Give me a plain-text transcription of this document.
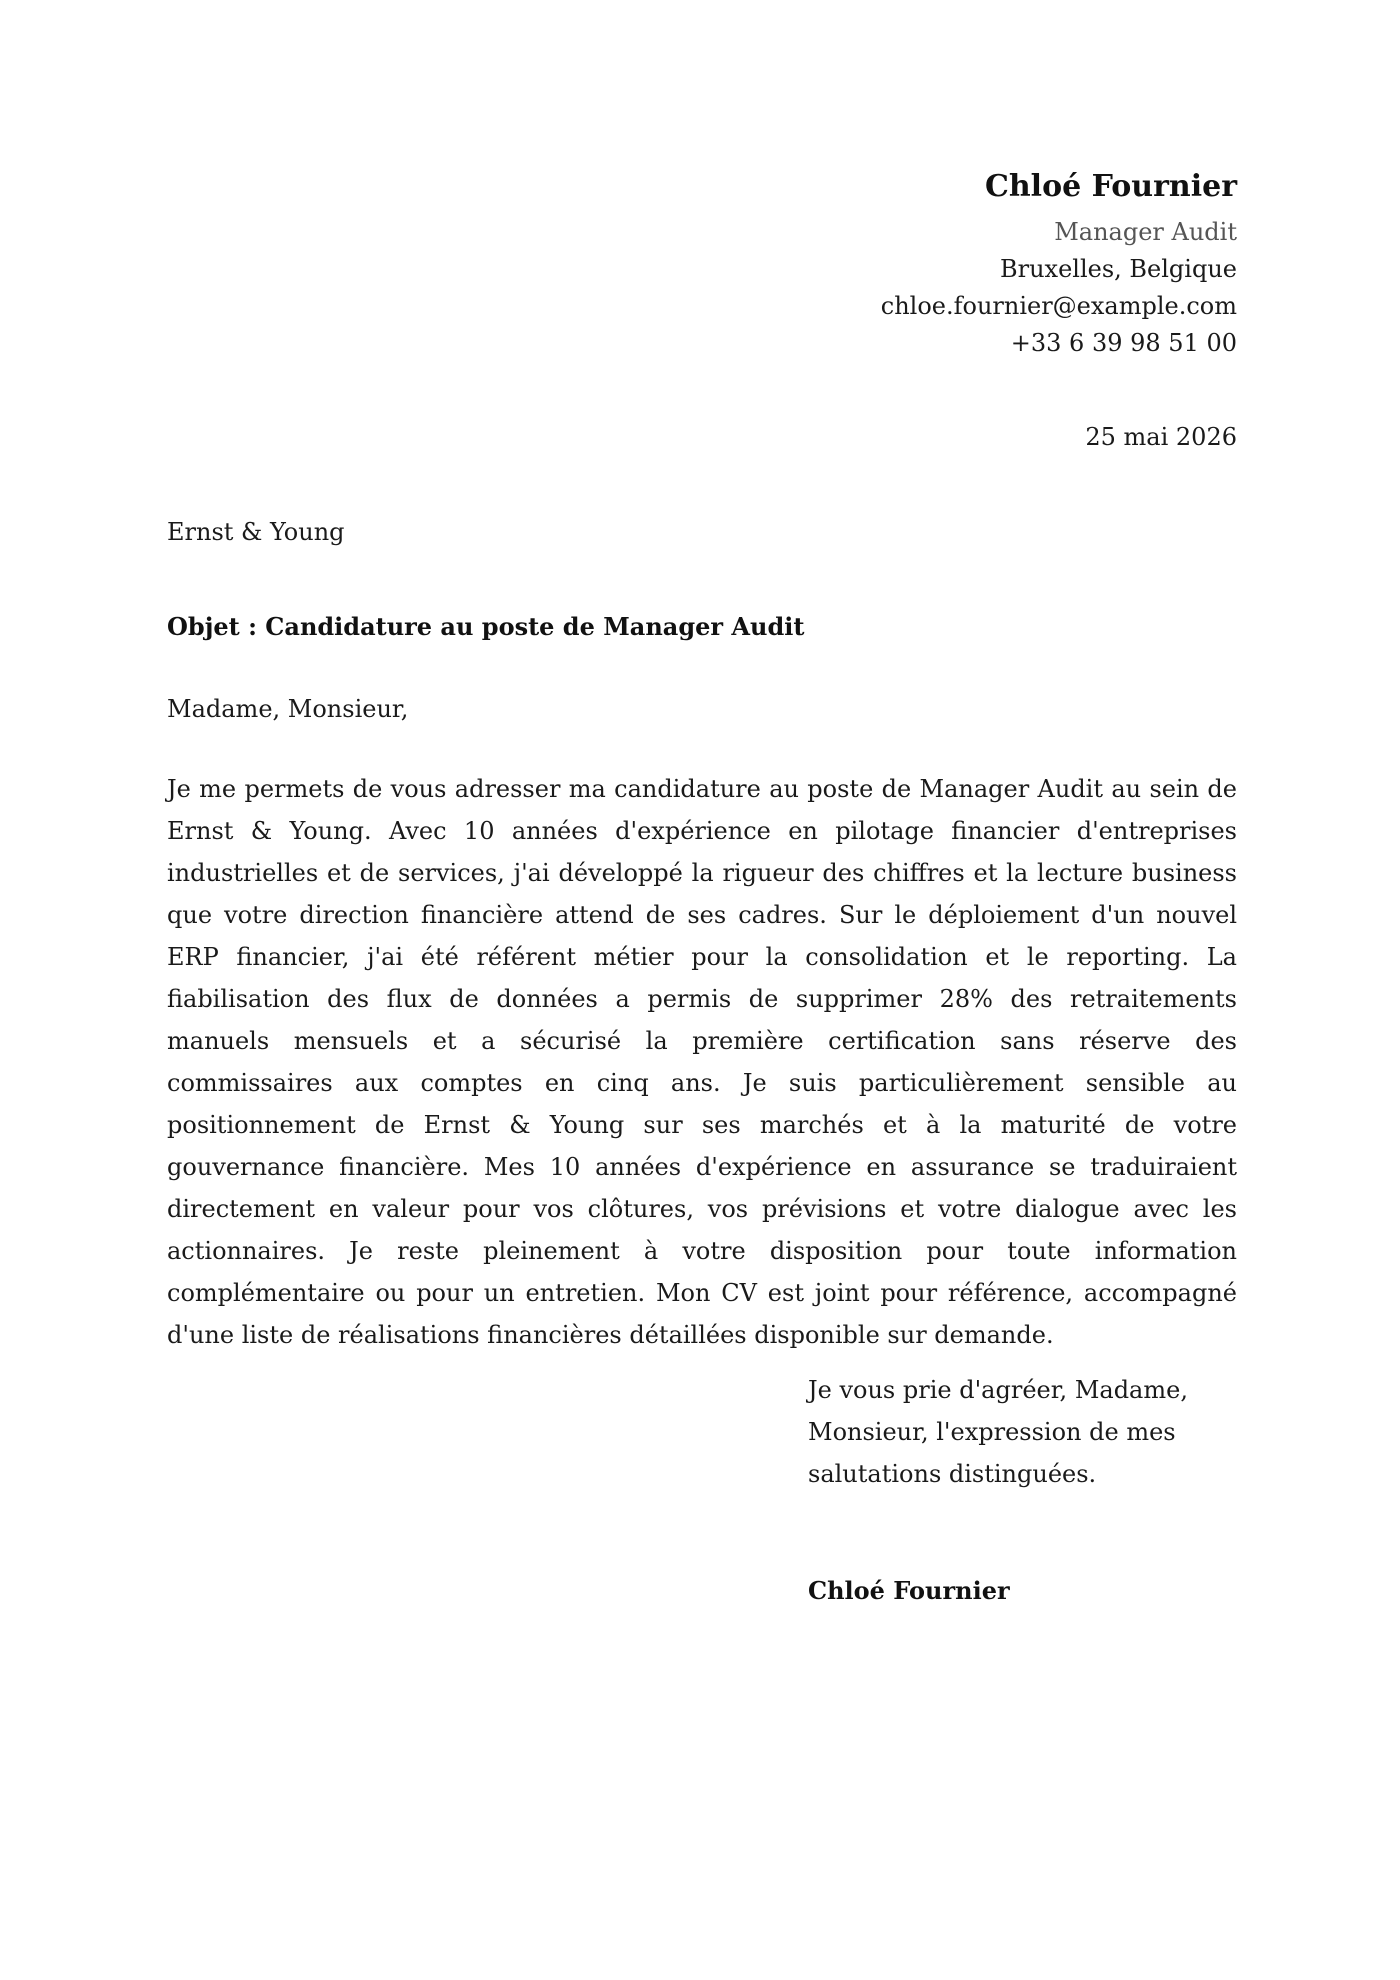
Chloé Fournier
Manager Audit
Bruxelles, Belgique
chloe.fournier@example.com
+33 6 39 98 51 00
25 mai 2026
Ernst & Young
Objet : Candidature au poste de Manager Audit
Madame, Monsieur,

Je me permets de vous adresser ma candidature au poste de Manager Audit au sein de Ernst & Young. Avec 10 années d'expérience en pilotage financier d'entreprises industrielles et de services, j'ai développé la rigueur des chiffres et la lecture business que votre direction financière attend de ses cadres. Sur le déploiement d'un nouvel ERP financier, j'ai été référent métier pour la consolidation et le reporting. La fiabilisation des flux de données a permis de supprimer 28% des retraitements manuels mensuels et a sécurisé la première certification sans réserve des commissaires aux comptes en cinq ans. Je suis particulièrement sensible au positionnement de Ernst & Young sur ses marchés et à la maturité de votre gouvernance financière. Mes 10 années d'expérience en assurance se traduiraient directement en valeur pour vos clôtures, vos prévisions et votre dialogue avec les actionnaires. Je reste pleinement à votre disposition pour toute information complémentaire ou pour un entretien. Mon CV est joint pour référence, accompagné d'une liste de réalisations financières détaillées disponible sur demande.

Je vous prie d'agréer, Madame, Monsieur, l'expression de mes salutations distinguées.

Chloé Fournier
